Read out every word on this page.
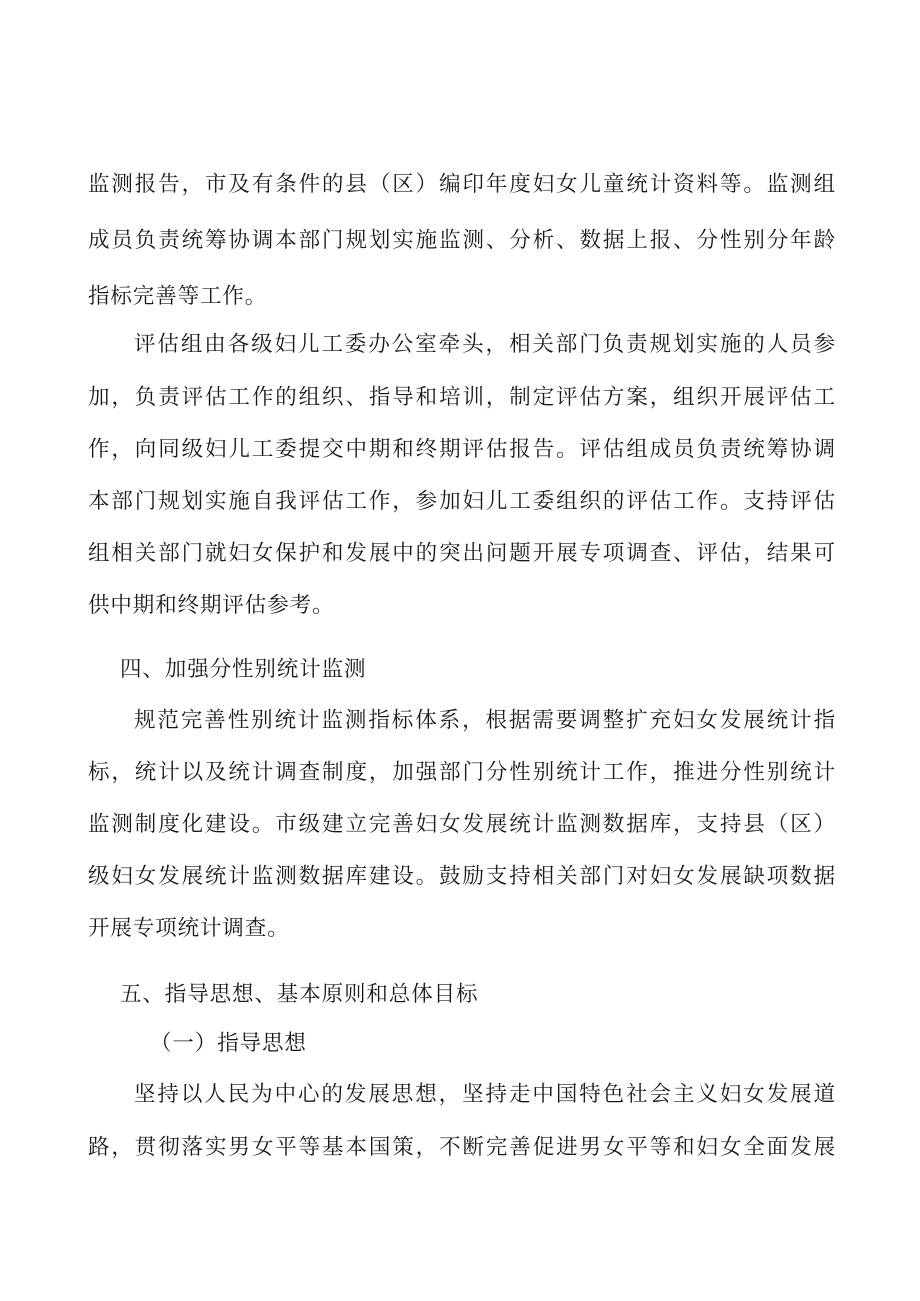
监测报告，市及有条件的县（区）编印年度妇女儿童统计资料等。监测组
成员负责统筹协调本部门规划实施监测、分析、数据上报、分性别分年龄
指标完善等工作。
评估组由各级妇儿工委办公室牵头，相关部门负责规划实施的人员参
加，负责评估工作的组织、指导和培训，制定评估方案，组织开展评估工
作，向同级妇儿工委提交中期和终期评估报告。评估组成员负责统筹协调
本部门规划实施自我评估工作，参加妇儿工委组织的评估工作。支持评估
组相关部门就妇女保护和发展中的突出问题开展专项调查、评估，结果可
供中期和终期评估参考。
四、加强分性别统计监测
规范完善性别统计监测指标体系，根据需要调整扩充妇女发展统计指
标，统计以及统计调查制度，加强部门分性别统计工作，推进分性别统计
监测制度化建设。市级建立完善妇女发展统计监测数据库，支持县（区）
级妇女发展统计监测数据库建设。鼓励支持相关部门对妇女发展缺项数据
开展专项统计调查。
五、指导思想、基本原则和总体目标
（一）指导思想
坚持以人民为中心的发展思想，坚持走中国特色社会主义妇女发展道
路，贯彻落实男女平等基本国策，不断完善促进男女平等和妇女全面发展
